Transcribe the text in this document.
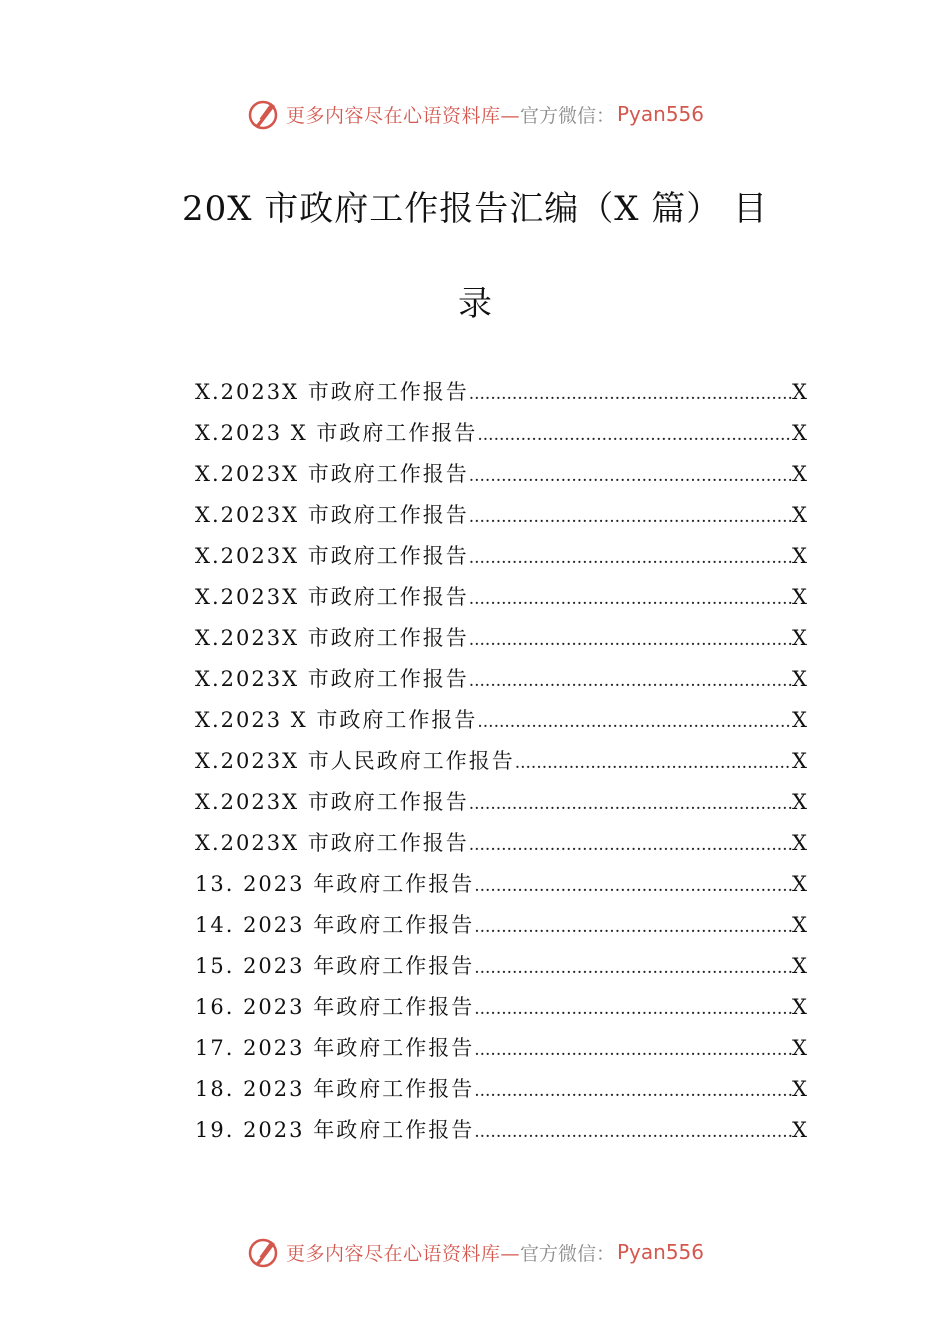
更多内容尽在心语资料库— 官方微信： Pyan556
20X 市政府工作报告汇编（X 篇） 目
录
X.2023X 市政府工作报告 .....	X
X.2023 X 市政府工作报告 .....	X
X.2023X 市政府工作报告 .....	X
X.2023X 市政府工作报告 .....	X
X.2023X 市政府工作报告 .....	X
X.2023X 市政府工作报告 .....	X
X.2023X 市政府工作报告 .....	X
X.2023X 市政府工作报告 .....	X
X.2023 X 市政府工作报告 .....	X
X.2023X 市人民政府工作报告 .....	X
X.2023X 市政府工作报告 .....	X
X.2023X 市政府工作报告 .....	X
13. 2023 年政府工作报告 .....	X
14. 2023 年政府工作报告 .....	X
15. 2023 年政府工作报告 .....	X
16. 2023 年政府工作报告 .....	X
17. 2023 年政府工作报告 .....	X
18. 2023 年政府工作报告 .....	X
19. 2023 年政府工作报告 .....	X
更多内容尽在心语资料库— 官方微信： Pyan556
